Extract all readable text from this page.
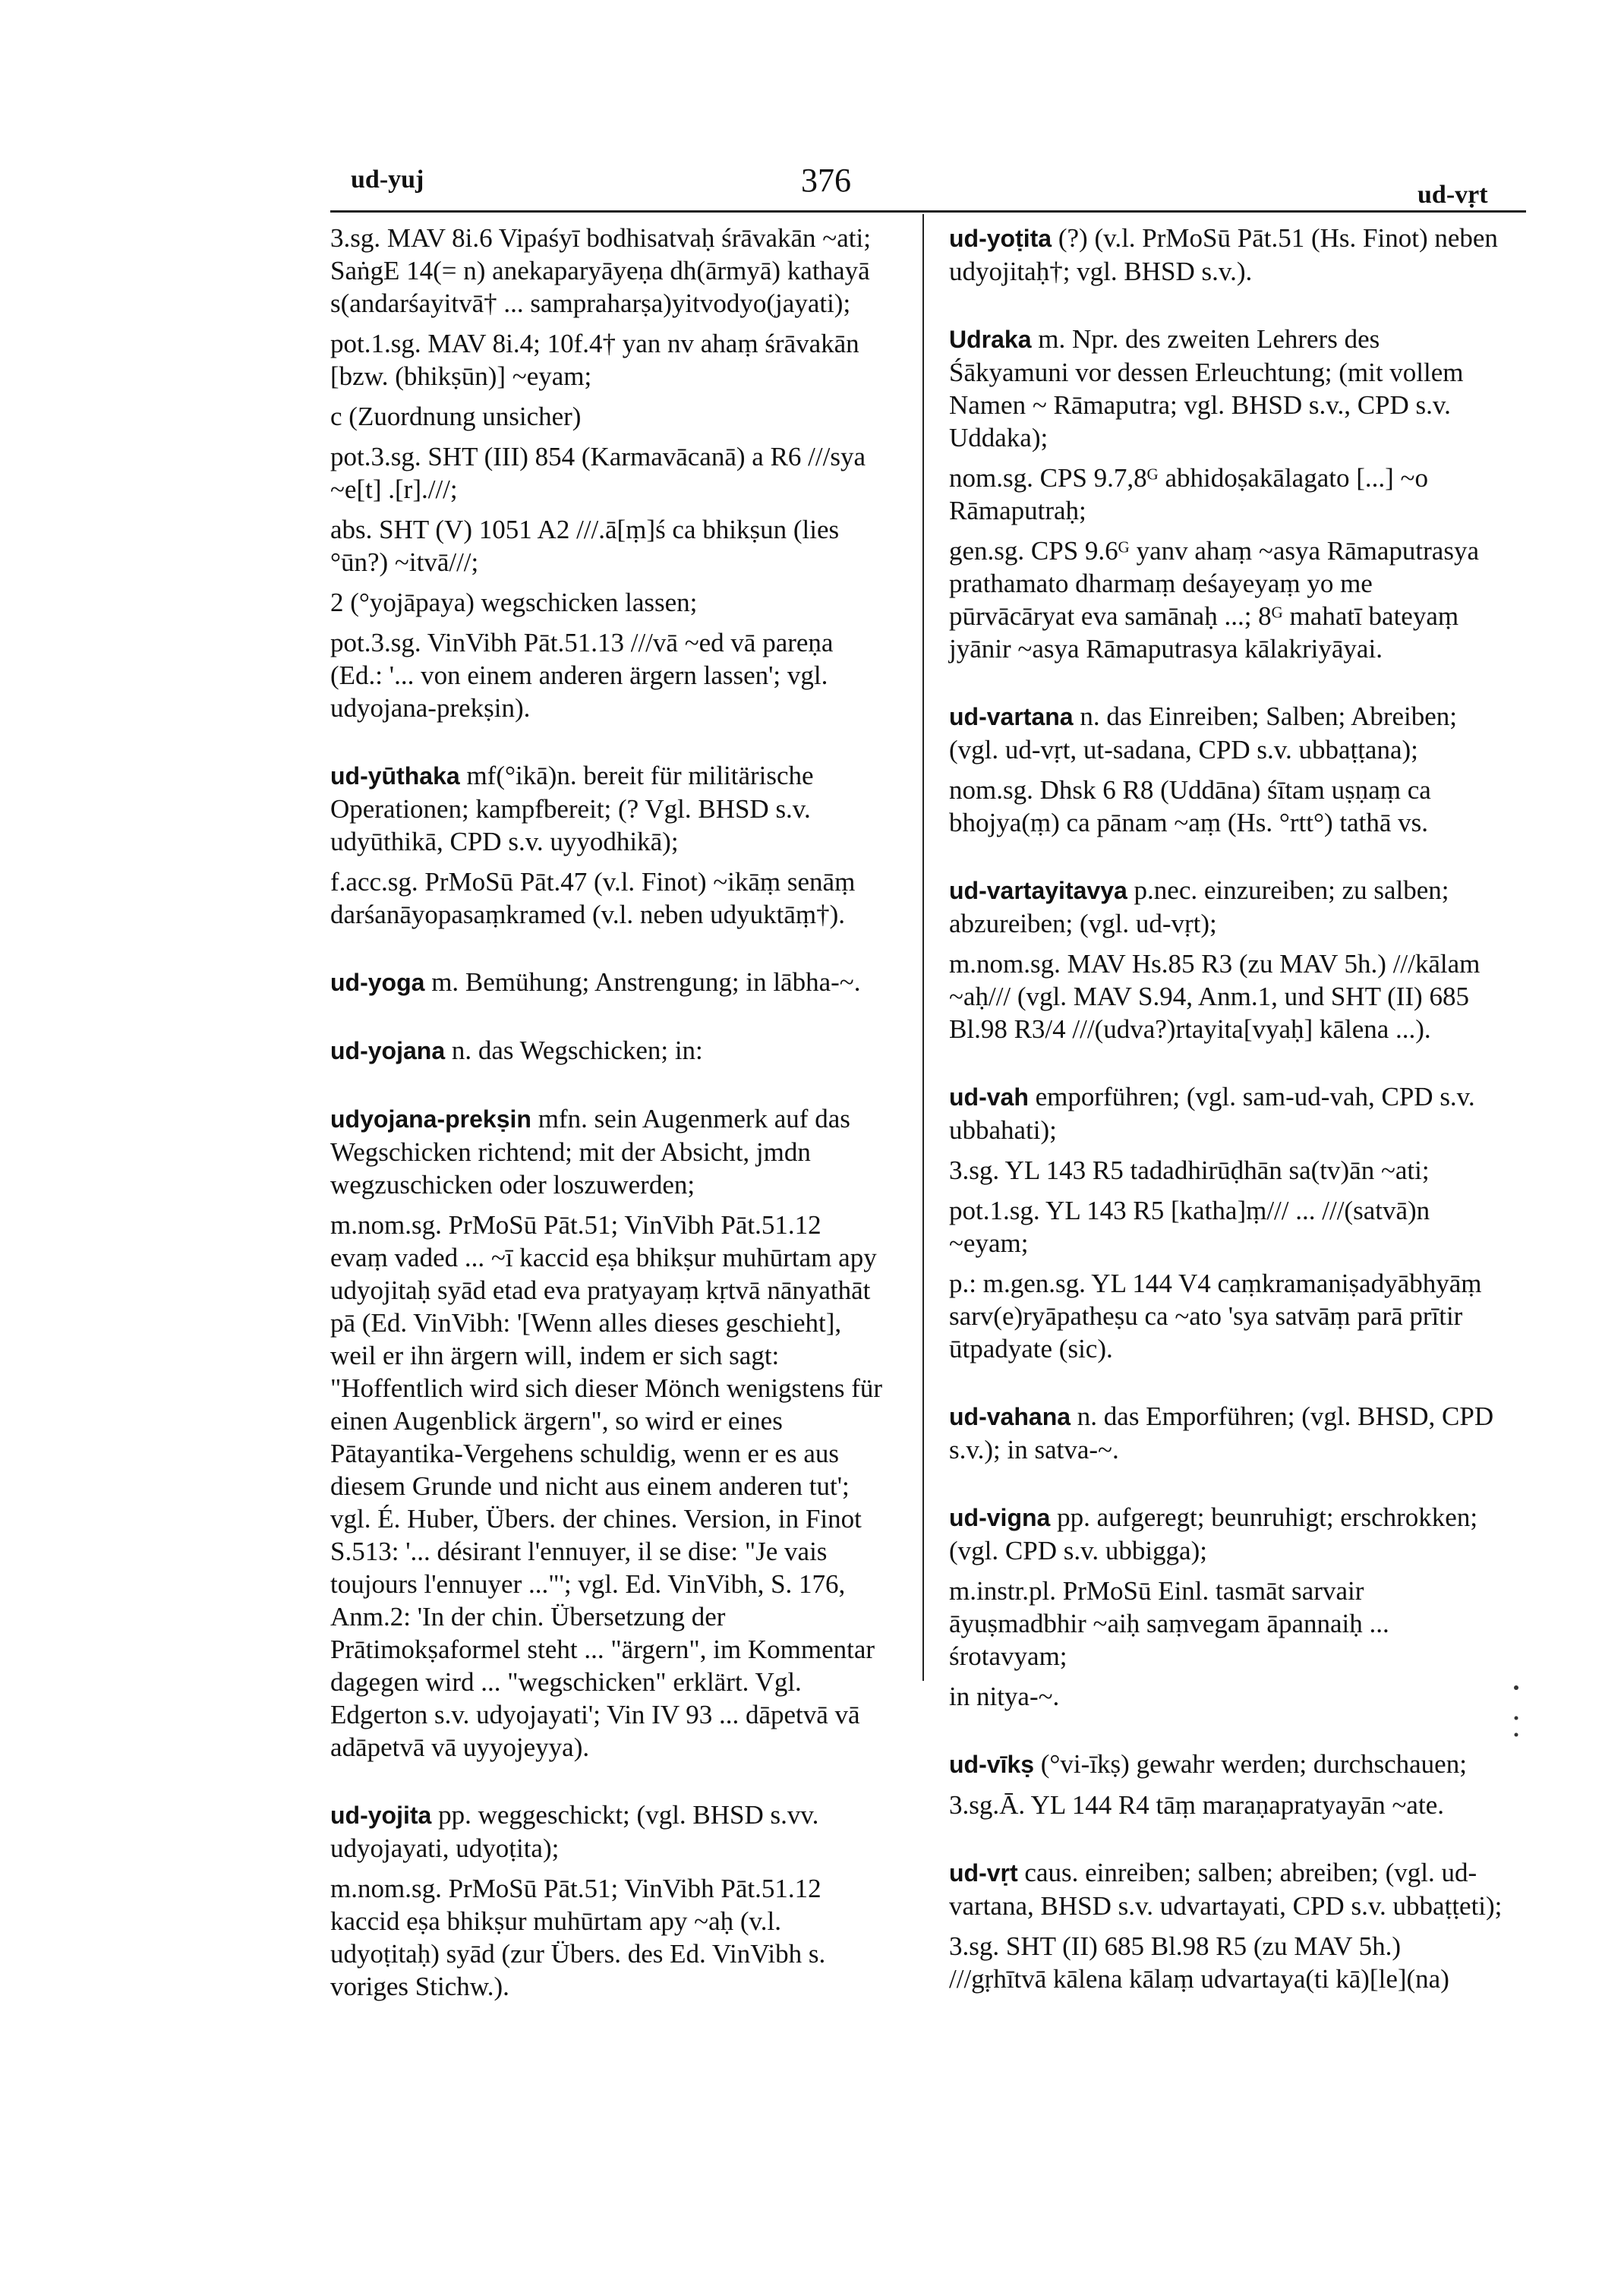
ud-yuj	376	ud-vṛt

3.sg. MAV 8i.6 Vipaśyī bodhisatvaḥ śrāvakān ~ati; SaṅgE 14(= n) anekaparyāyeṇa dh(ārmyā) kathayā s(andarśayitvā† ... sampraharṣa)yitvodyo(jayati);

pot.1.sg. MAV 8i.4; 10f.4† yan nv ahaṃ śrāvakān [bzw. (bhikṣūn)] ~eyam;

c (Zuordnung unsicher)

pot.3.sg. SHT (III) 854 (Karmavācanā) a R6 ///sya ~e[t] .[r].///;

abs. SHT (V) 1051 A2 ///.ā[ṃ]ś ca bhikṣun (lies °ūn?) ~itvā///;

2 (°yojāpaya) wegschicken lassen;

pot.3.sg. VinVibh Pāt.51.13 ///vā ~ed vā pareṇa (Ed.: '... von einem anderen ärgern lassen'; vgl. udyojana-prekṣin).

ud-yūthaka mf(°ikā)n. bereit für militärische Operationen; kampfbereit; (? Vgl. BHSD s.v. udyūthikā, CPD s.v. uyyodhikā);

f.acc.sg. PrMoSū Pāt.47 (v.l. Finot) ~ikāṃ senāṃ darśanāyopasaṃkramed (v.l. neben udyuktāṃ†).

ud-yoga m. Bemühung; Anstrengung; in lābha-~.

ud-yojana n. das Wegschicken; in:

udyojana-prekṣin mfn. sein Augenmerk auf das Wegschicken richtend; mit der Absicht, jmdn wegzuschicken oder loszuwerden;

m.nom.sg. PrMoSū Pāt.51; VinVibh Pāt.51.12 evaṃ vaded ... ~ī kaccid eṣa bhikṣur muhūrtam apy udyojitaḥ syād etad eva pratyayaṃ kṛtvā nānyathāt pā (Ed. VinVibh: '[Wenn alles dieses geschieht], weil er ihn ärgern will, indem er sich sagt: "Hoffentlich wird sich dieser Mönch wenigstens für einen Augenblick ärgern", so wird er eines Pātayantika-Vergehens schuldig, wenn er es aus diesem Grunde und nicht aus einem anderen tut'; vgl. É. Huber, Übers. der chines. Version, in Finot S.513: '... désirant l'ennuyer, il se dise: "Je vais toujours l'ennuyer ..."'; vgl. Ed. VinVibh, S. 176, Anm.2: 'In der chin. Übersetzung der Prātimokṣaformel steht ... "ärgern", im Kommentar dagegen wird ... "wegschicken" erklärt. Vgl. Edgerton s.v. udyojayati'; Vin IV 93 ... dāpetvā vā adāpetvā vā uyyojeyya).

ud-yojita pp. weggeschickt; (vgl. BHSD s.vv. udyojayati, udyoṭita);

m.nom.sg. PrMoSū Pāt.51; VinVibh Pāt.51.12 kaccid eṣa bhikṣur muhūrtam apy ~aḥ (v.l. udyoṭitaḥ) syād (zur Übers. des Ed. VinVibh s. voriges Stichw.).

ud-yoṭita (?) (v.l. PrMoSū Pāt.51 (Hs. Finot) neben udyojitaḥ†; vgl. BHSD s.v.).

Udraka m. Npr. des zweiten Lehrers des Śākyamuni vor dessen Erleuchtung; (mit vollem Namen ~ Rāmaputra; vgl. BHSD s.v., CPD s.v. Uddaka);

nom.sg. CPS 9.7,8ᴳ abhidoṣakālagato [...] ~o Rāmaputraḥ;

gen.sg. CPS 9.6ᴳ yanv ahaṃ ~asya Rāmaputrasya prathamato dharmaṃ deśayeyaṃ yo me pūrvācāryat eva samānaḥ ...; 8ᴳ mahatī bateyaṃ jyānir ~asya Rāmaputrasya kālakriyāyai.

ud-vartana n. das Einreiben; Salben; Abreiben; (vgl. ud-vṛt, ut-sadana, CPD s.v. ubbaṭṭana);

nom.sg. Dhsk 6 R8 (Uddāna) śītam uṣṇaṃ ca bhojya(ṃ) ca pānam ~aṃ (Hs. °rtt°) tathā vs.

ud-vartayitavya p.nec. einzureiben; zu salben; abzureiben; (vgl. ud-vṛt);

m.nom.sg. MAV Hs.85 R3 (zu MAV 5h.) ///kālam ~aḥ/// (vgl. MAV S.94, Anm.1, und SHT (II) 685 Bl.98 R3/4 ///(udva?)rtayita[vyaḥ] kālena ...).

ud-vah emporführen; (vgl. sam-ud-vah, CPD s.v. ubbahati);

3.sg. YL 143 R5 tadadhirūḍhān sa(tv)ān ~ati;

pot.1.sg. YL 143 R5 [katha]ṃ/// ... ///(satvā)n ~eyam;

p.: m.gen.sg. YL 144 V4 caṃkramaniṣadyābhyāṃ sarv(e)ryāpatheṣu ca ~ato 'sya satvāṃ parā prītir ūtpadyate (sic).

ud-vahana n. das Emporführen; (vgl. BHSD, CPD s.v.); in satva-~.

ud-vigna pp. aufgeregt; beunruhigt; erschrokken; (vgl. CPD s.v. ubbigga);

m.instr.pl. PrMoSū Einl. tasmāt sarvair āyuṣmadbhir ~aiḥ saṃvegam āpannaiḥ ... śrotavyam;

in nitya-~.

ud-vīkṣ (°vi-īkṣ) gewahr werden; durchschauen;

3.sg.Ā. YL 144 R4 tāṃ maraṇapratyayān ~ate.

ud-vṛt caus. einreiben; salben; abreiben; (vgl. ud-vartana, BHSD s.v. udvartayati, CPD s.v. ubbaṭṭeti);

3.sg. SHT (II) 685 Bl.98 R5 (zu MAV 5h.) ///gṛhītvā kālena kālaṃ udvartaya(ti kā)[le](na)
